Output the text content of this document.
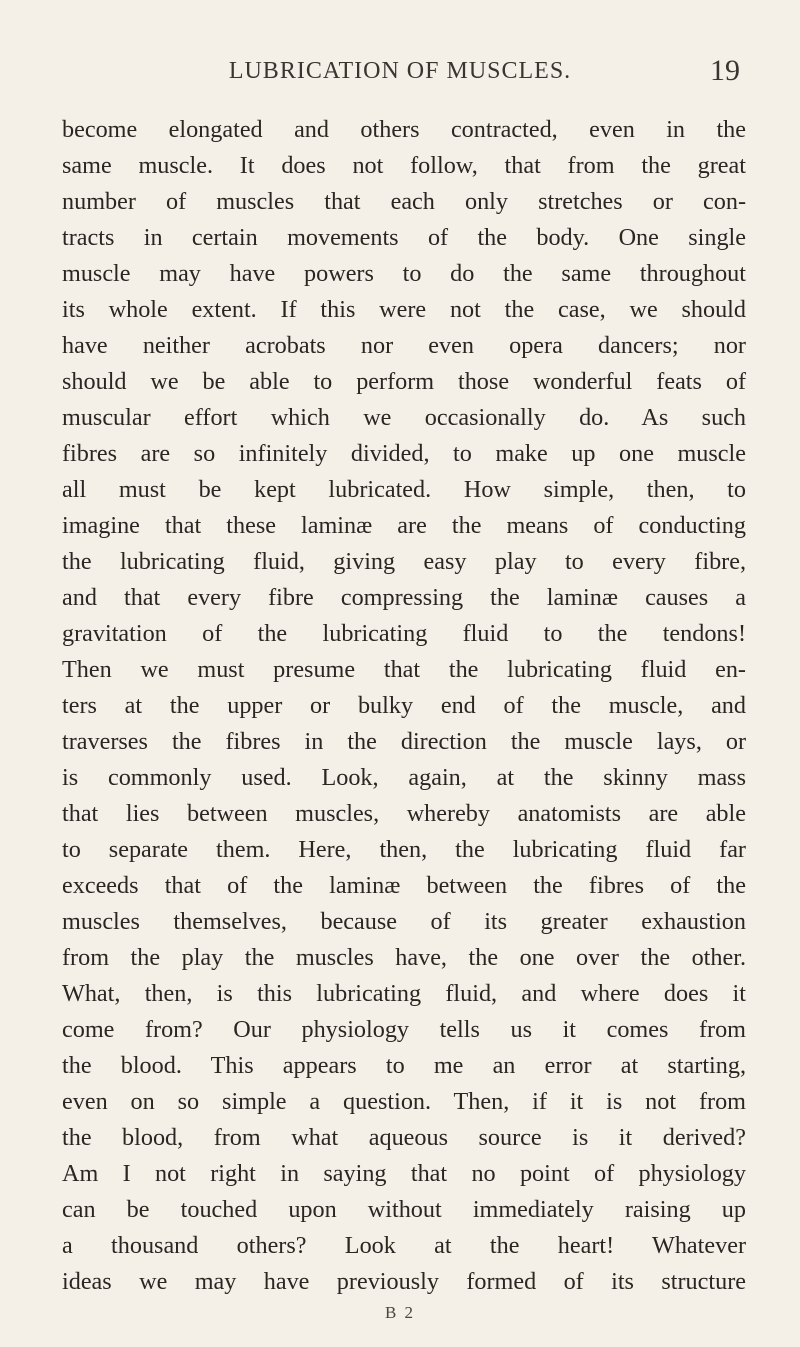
LUBRICATION OF MUSCLES.	19
become elongated and others contracted, even in the
same muscle. It does not follow, that from the great
number of muscles that each only stretches or con-
tracts in certain movements of the body. One single
muscle may have powers to do the same throughout
its whole extent. If this were not the case, we should
have neither acrobats nor even opera dancers; nor
should we be able to perform those wonderful feats of
muscular effort which we occasionally do. As such
fibres are so infinitely divided, to make up one muscle
all must be kept lubricated. How simple, then, to
imagine that these laminæ are the means of conducting
the lubricating fluid, giving easy play to every fibre,
and that every fibre compressing the laminæ causes a
gravitation of the lubricating fluid to the tendons!
Then we must presume that the lubricating fluid en-
ters at the upper or bulky end of the muscle, and
traverses the fibres in the direction the muscle lays, or
is commonly used. Look, again, at the skinny mass
that lies between muscles, whereby anatomists are able
to separate them. Here, then, the lubricating fluid far
exceeds that of the laminæ between the fibres of the
muscles themselves, because of its greater exhaustion
from the play the muscles have, the one over the other.
What, then, is this lubricating fluid, and where does it
come from? Our physiology tells us it comes from
the blood. This appears to me an error at starting,
even on so simple a question. Then, if it is not from
the blood, from what aqueous source is it derived?
Am I not right in saying that no point of physiology
can be touched upon without immediately raising up
a thousand others? Look at the heart! Whatever
ideas we may have previously formed of its structure
B 2
